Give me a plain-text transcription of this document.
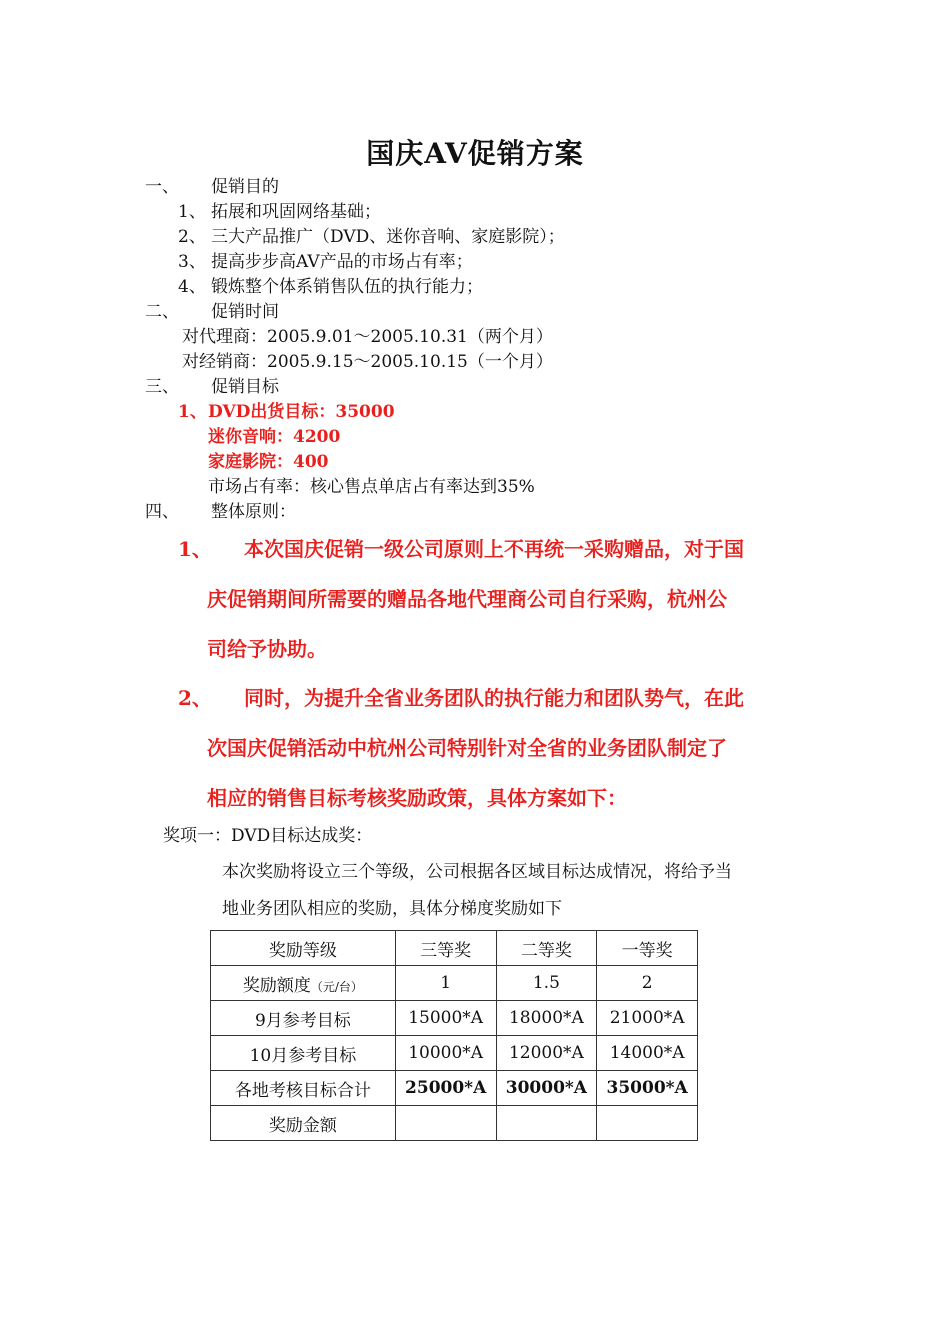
国庆AV促销方案
一、 促销目的
1、 拓展和巩固网络基础；
2、 三大产品推广（DVD、迷你音响、家庭影院）；
3、 提高步步高AV产品的市场占有率；
4、 锻炼整个体系销售队伍的执行能力；
二、 促销时间
对代理商：2005.9.01～2005.10.31（两个月）
对经销商：2005.9.15～2005.10.15（一个月）
三、 促销目标
1、 DVD出货目标：35000
迷你音响：4200
家庭影院：400
市场占有率：核心售点单店占有率达到35%
四、 整体原则：
1、 本次国庆促销一级公司原则上不再统一采购赠品，对于国
庆促销期间所需要的赠品各地代理商公司自行采购，杭州公
司给予协助。
2、 同时，为提升全省业务团队的执行能力和团队势气，在此
次国庆促销活动中杭州公司特别针对全省的业务团队制定了
相应的销售目标考核奖励政策，具体方案如下：
奖项一：DVD目标达成奖：
本次奖励将设立三个等级，公司根据各区域目标达成情况，将给予当
地业务团队相应的奖励，具体分梯度奖励如下
奖励等级	三等奖	二等奖	一等奖
奖励额度（元/台）	1	1.5	2
9月参考目标	15000*A	18000*A	21000*A
10月参考目标	10000*A	12000*A	14000*A
各地考核目标合计	25000*A	30000*A	35000*A
奖励金额			
